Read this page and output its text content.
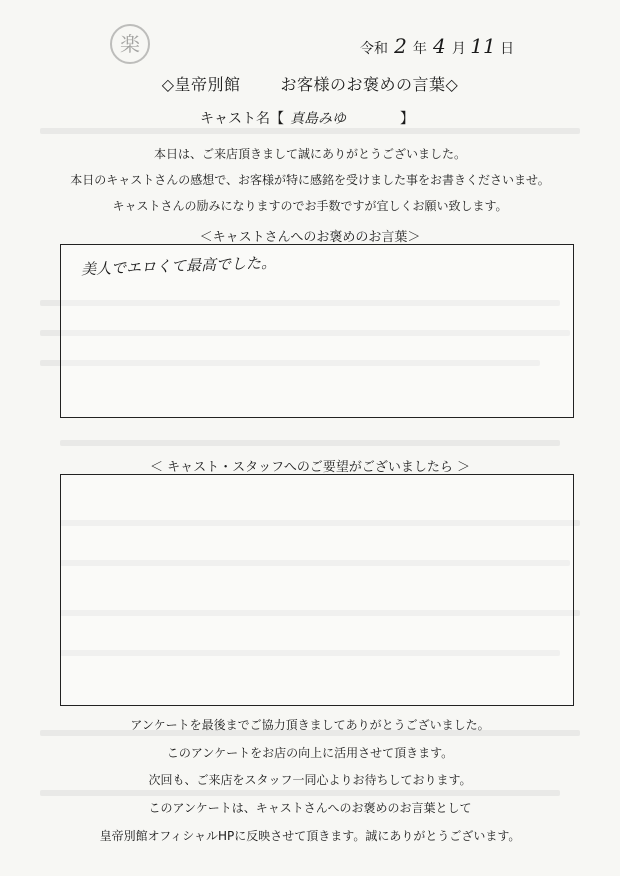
楽	令和 2 年 4 月 11 日
◇皇帝別館	お客様のお褒めの言葉◇
キャスト名【 真島みゆ	】
本日は、ご来店頂きまして誠にありがとうございました。
本日のキャストさんの感想で、お客様が特に感銘を受けました事をお書きくださいませ。
キャストさんの励みになりますのでお手数ですが宜しくお願い致します。
＜キャストさんへのお褒めのお言葉＞
美人でエロくて最高でした。
＜ キャスト・スタッフへのご要望がございましたら ＞
アンケートを最後までご協力頂きましてありがとうございました。
このアンケートをお店の向上に活用させて頂きます。
次回も、ご来店をスタッフ一同心よりお待ちしております。
このアンケートは、キャストさんへのお褒めのお言葉として
皇帝別館オフィシャルHPに反映させて頂きます。誠にありがとうございます。
